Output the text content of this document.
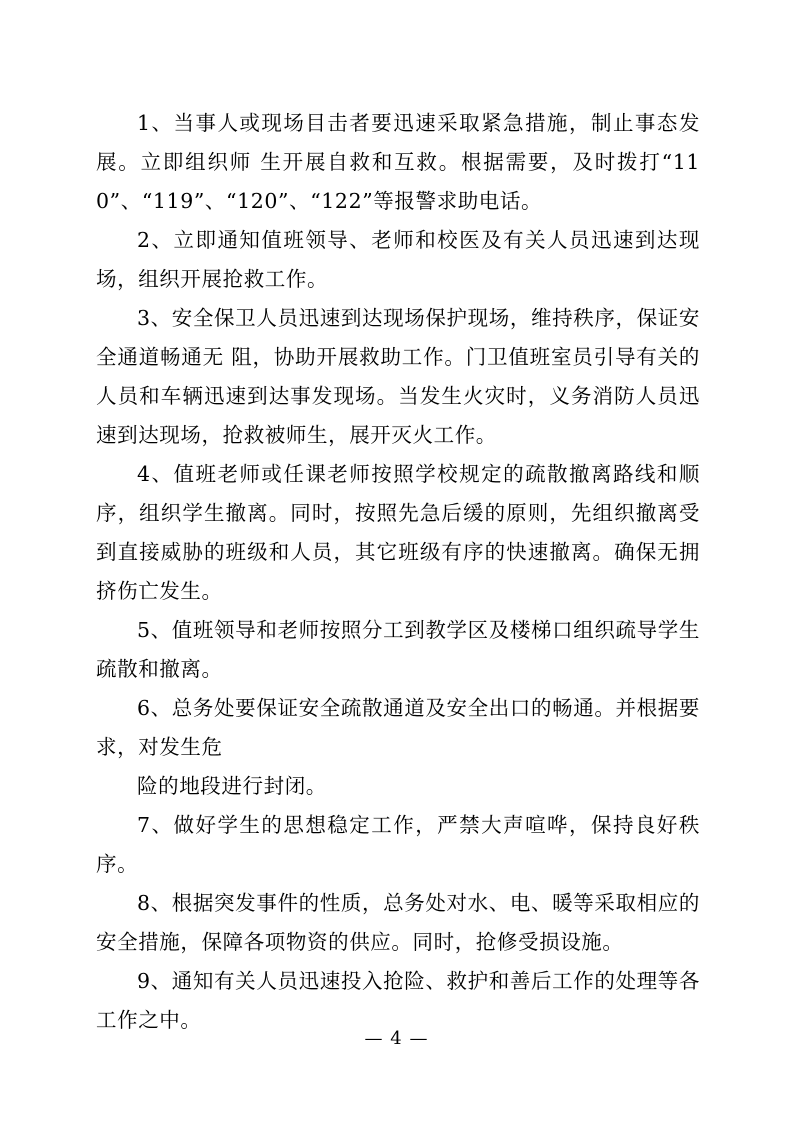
1、当事人或现场目击者要迅速采取紧急措施，制止事态发展。立即组织师 生开展自救和互救。根据需要，及时拨打“110”、“119”、“120”、“122”等报警求助电话。

2、立即通知值班领导、老师和校医及有关人员迅速到达现场，组织开展抢救工作。

3、安全保卫人员迅速到达现场保护现场，维持秩序，保证安全通道畅通无 阻，协助开展救助工作。门卫值班室员引导有关的人员和车辆迅速到达事发现场。当发生火灾时，义务消防人员迅速到达现场，抢救被师生，展开灭火工作。

4、值班老师或任课老师按照学校规定的疏散撤离路线和顺序，组织学生撤离。同时，按照先急后缓的原则，先组织撤离受到直接威胁的班级和人员，其它班级有序的快速撤离。确保无拥挤伤亡发生。

5、值班领导和老师按照分工到教学区及楼梯口组织疏导学生疏散和撤离。

6、总务处要保证安全疏散通道及安全出口的畅通。并根据要求，对发生危

险的地段进行封闭。

7、做好学生的思想稳定工作，严禁大声喧哗，保持良好秩序。

8、根据突发事件的性质，总务处对水、电、暖等采取相应的安全措施，保障各项物资的供应。同时，抢修受损设施。

9、通知有关人员迅速投入抢险、救护和善后工作的处理等各工作之中。

— 4 —
